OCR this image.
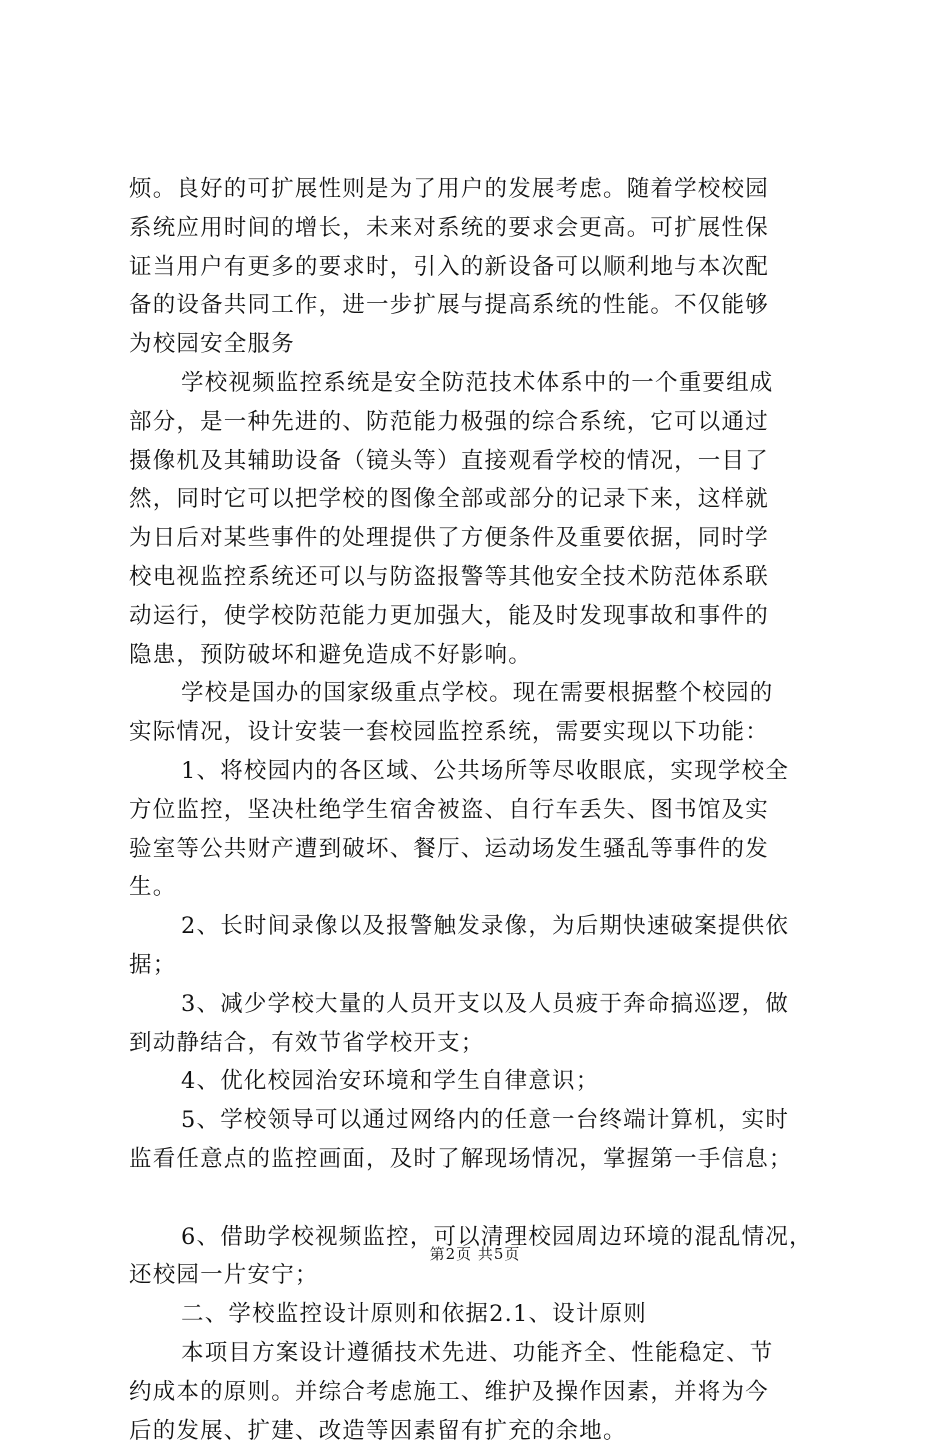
烦。良好的可扩展性则是为了用户的发展考虑。随着学校校园
系统应用时间的增长，未来对系统的要求会更高。可扩展性保
证当用户有更多的要求时，引入的新设备可以顺利地与本次配
备的设备共同工作，进一步扩展与提高系统的性能。不仅能够
为校园安全服务
学校视频监控系统是安全防范技术体系中的一个重要组成
部分，是一种先进的、防范能力极强的综合系统，它可以通过
摄像机及其辅助设备（镜头等）直接观看学校的情况，一目了
然，同时它可以把学校的图像全部或部分的记录下来，这样就
为日后对某些事件的处理提供了方便条件及重要依据，同时学
校电视监控系统还可以与防盗报警等其他安全技术防范体系联
动运行，使学校防范能力更加强大，能及时发现事故和事件的
隐患，预防破坏和避免造成不好影响。
学校是国办的国家级重点学校。现在需要根据整个校园的
实际情况，设计安装一套校园监控系统，需要实现以下功能：
1、将校园内的各区域、公共场所等尽收眼底，实现学校全
方位监控，坚决杜绝学生宿舍被盗、自行车丢失、图书馆及实
验室等公共财产遭到破坏、餐厅、运动场发生骚乱等事件的发
生。
2、长时间录像以及报警触发录像，为后期快速破案提供依
据；
3、减少学校大量的人员开支以及人员疲于奔命搞巡逻，做
到动静结合，有效节省学校开支；
4、优化校园治安环境和学生自律意识；
5、学校领导可以通过网络内的任意一台终端计算机，实时
监看任意点的监控画面，及时了解现场情况，掌握第一手信息；
6、借助学校视频监控，可以清理校园周边环境的混乱情况，
还校园一片安宁；
二、学校监控设计原则和依据2.1、设计原则
本项目方案设计遵循技术先进、功能齐全、性能稳定、节
约成本的原则。并综合考虑施工、维护及操作因素，并将为今
后的发展、扩建、改造等因素留有扩充的余地。
第2页 共5页
